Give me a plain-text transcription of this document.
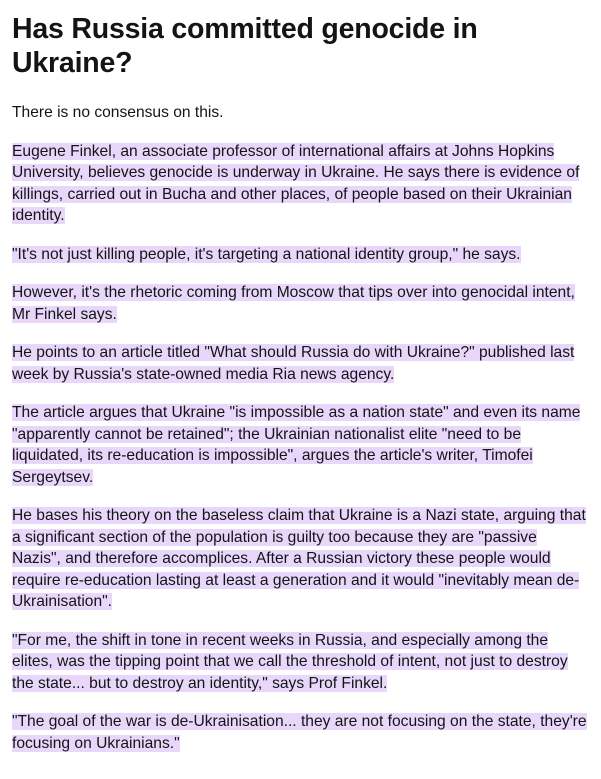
Has Russia committed genocide in Ukraine?

There is no consensus on this.

Eugene Finkel, an associate professor of international affairs at Johns Hopkins University, believes genocide is underway in Ukraine. He says there is evidence of killings, carried out in Bucha and other places, of people based on their Ukrainian identity.

"It's not just killing people, it's targeting a national identity group," he says.

However, it's the rhetoric coming from Moscow that tips over into genocidal intent, Mr Finkel says.

He points to an article titled "What should Russia do with Ukraine?" published last week by Russia's state-owned media Ria news agency.

The article argues that Ukraine "is impossible as a nation state" and even its name "apparently cannot be retained"; the Ukrainian nationalist elite "need to be liquidated, its re-education is impossible", argues the article's writer, Timofei Sergeytsev.

He bases his theory on the baseless claim that Ukraine is a Nazi state, arguing that a significant section of the population is guilty too because they are "passive Nazis", and therefore accomplices. After a Russian victory these people would require re-education lasting at least a generation and it would "inevitably mean de-Ukrainisation".

"For me, the shift in tone in recent weeks in Russia, and especially among the elites, was the tipping point that we call the threshold of intent, not just to destroy the state... but to destroy an identity," says Prof Finkel.

"The goal of the war is de-Ukrainisation... they are not focusing on the state, they're focusing on Ukrainians."
